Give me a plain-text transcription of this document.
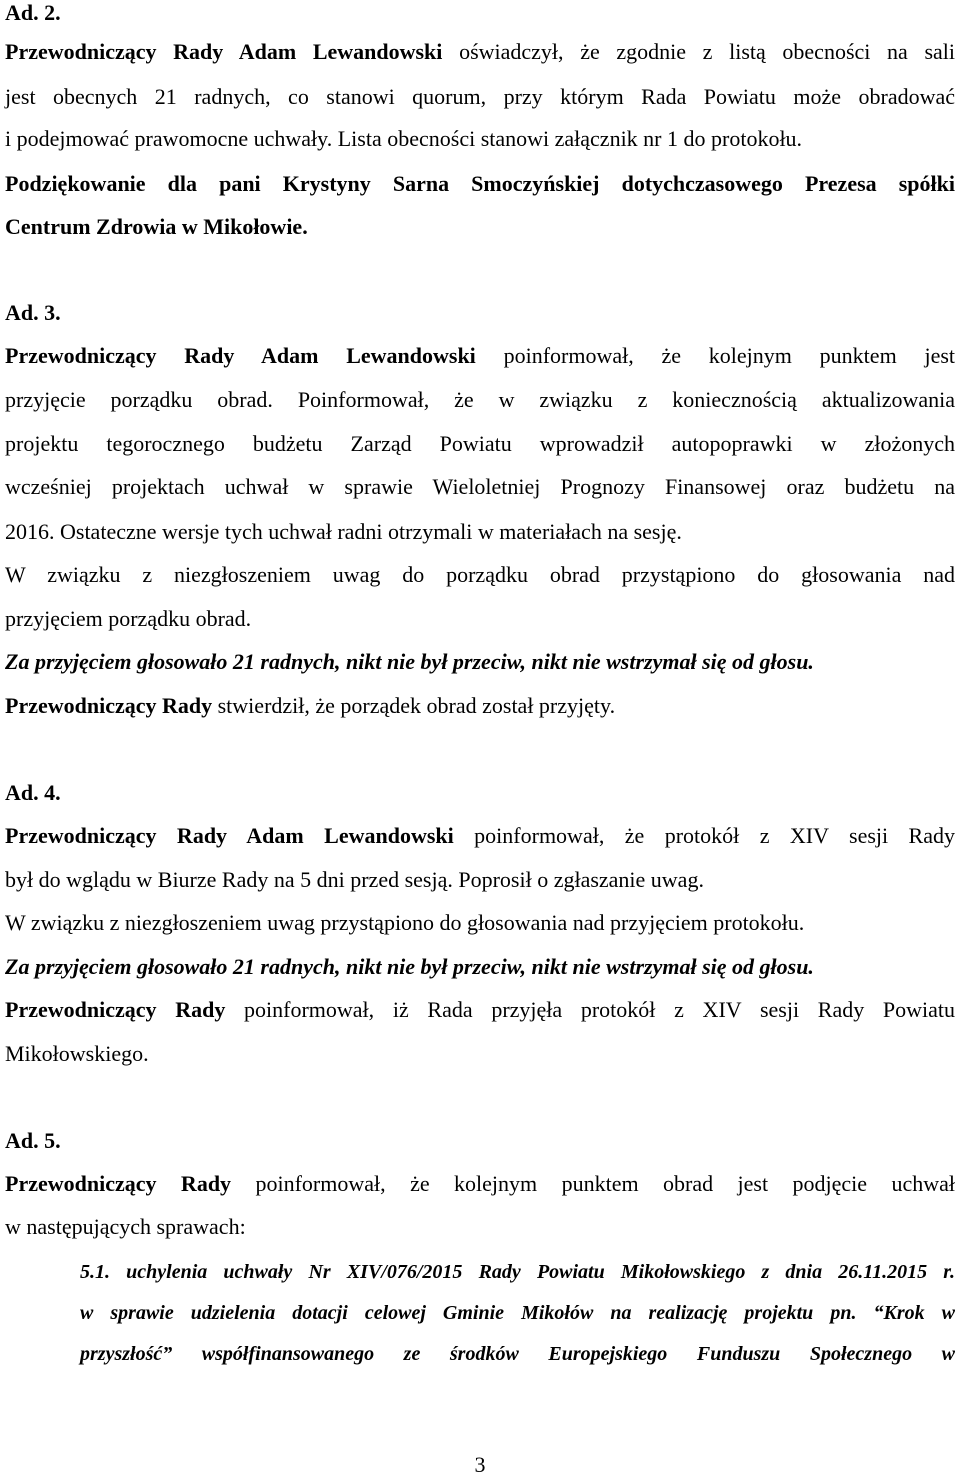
Ad. 2.
Przewodniczący Rady Adam Lewandowski oświadczył, że zgodnie z listą obecności na sali
jest obecnych 21 radnych, co stanowi quorum, przy którym Rada Powiatu może obradować
i podejmować prawomocne uchwały. Lista obecności stanowi załącznik nr 1 do protokołu.
Podziękowanie dla pani Krystyny Sarna Smoczyńskiej dotychczasowego Prezesa spółki
Centrum Zdrowia w Mikołowie.
Ad. 3.
Przewodniczący Rady Adam Lewandowski poinformował, że kolejnym punktem jest
przyjęcie porządku obrad. Poinformował, że w związku z koniecznością aktualizowania
projektu tegorocznego budżetu Zarząd Powiatu wprowadził autopoprawki w złożonych
wcześniej projektach uchwał w sprawie Wieloletniej Prognozy Finansowej oraz budżetu na
2016. Ostateczne wersje tych uchwał radni otrzymali w materiałach na sesję.
W związku z niezgłoszeniem uwag do porządku obrad przystąpiono do głosowania nad
przyjęciem porządku obrad.
Za przyjęciem głosowało 21 radnych, nikt nie był przeciw, nikt nie wstrzymał się od głosu.
Przewodniczący Rady stwierdził, że porządek obrad został przyjęty.
Ad. 4.
Przewodniczący Rady Adam Lewandowski poinformował, że protokół z XIV sesji Rady
był do wglądu w Biurze Rady na 5 dni przed sesją. Poprosił o zgłaszanie uwag.
W związku z niezgłoszeniem uwag przystąpiono do głosowania nad przyjęciem protokołu.
Za przyjęciem głosowało 21 radnych, nikt nie był przeciw, nikt nie wstrzymał się od głosu.
Przewodniczący Rady poinformował, iż Rada przyjęła protokół z XIV sesji Rady Powiatu
Mikołowskiego.
Ad. 5.
Przewodniczący Rady poinformował, że kolejnym punktem obrad jest podjęcie uchwał
w następujących sprawach:
5.1. uchylenia uchwały Nr XIV/076/2015 Rady Powiatu Mikołowskiego z dnia 26.11.2015 r.
w sprawie udzielenia dotacji celowej Gminie Mikołów na realizację projektu pn. “Krok w
przyszłość” współfinansowanego ze środków Europejskiego Funduszu Społecznego w
3
